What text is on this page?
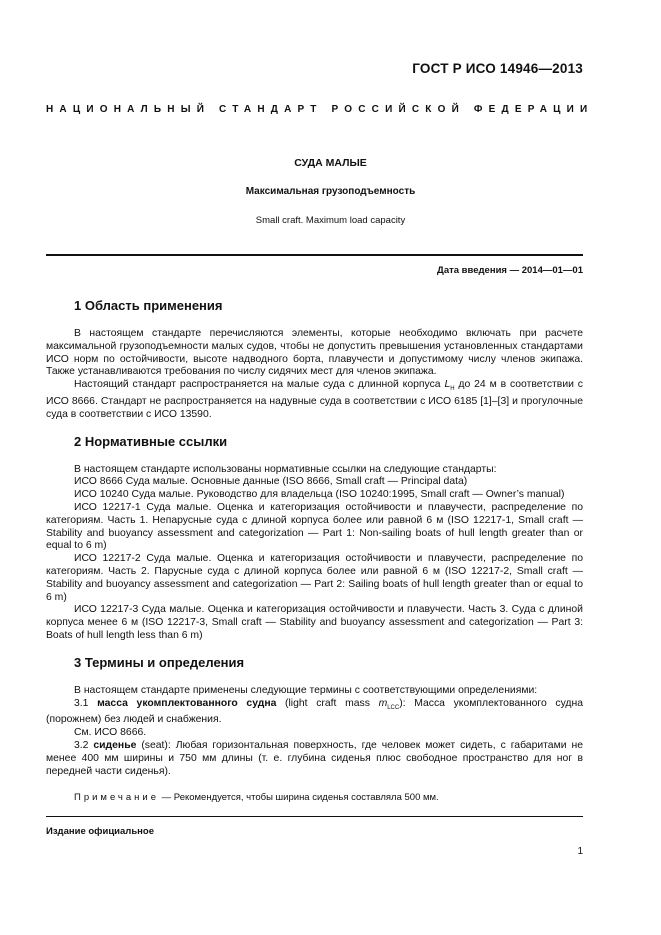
ГОСТ Р ИСО 14946—2013
НАЦИОНАЛЬНЫЙ СТАНДАРТ РОССИЙСКОЙ ФЕДЕРАЦИИ
СУДА МАЛЫЕ
Максимальная грузоподъемность
Small craft. Maximum load capacity
Дата введения — 2014—01—01
1 Область применения

В настоящем стандарте перечисляются элементы, которые необходимо включать при расчете максимальной грузоподъемности малых судов, чтобы не допустить превышения установленных стандартами ИСО норм по остойчивости, высоте надводного борта, плавучести и допустимому числу членов экипажа. Также устанавливаются требования по числу сидячих мест для членов экипажа.

Настоящий стандарт распространяется на малые суда с длинной корпуса $L_H$ до 24 м в соответствии с ИСО 8666. Стандарт не распространяется на надувные суда в соответствии с ИСО 6185 [1]–[3] и прогулочные суда в соответствии с ИСО 13590.

2 Нормативные ссылки

В настоящем стандарте использованы нормативные ссылки на следующие стандарты:

ИСО 8666 Суда малые. Основные данные (ISO 8666, Small craft — Principal data)

ИСО 10240 Суда малые. Руководство для владельца (ISO 10240:1995, Small craft — Owner’s manual)

ИСО 12217-1 Суда малые. Оценка и категоризация остойчивости и плавучести, распределение по категориям. Часть 1. Непарусные суда с длиной корпуса более или равной 6 м (ISO 12217-1, Small craft — Stability and buoyancy assessment and categorization — Part 1: Non-sailing boats of hull length greater than or equal to 6 m)

ИСО 12217-2 Суда малые. Оценка и категоризация остойчивости и плавучести, распределение по категориям. Часть 2. Парусные суда с длиной корпуса более или равной 6 м (ISO 12217-2, Small craft — Stability and buoyancy assessment and categorization — Part 2: Sailing boats of hull length greater than or equal to 6 m)

ИСО 12217-3 Суда малые. Оценка и категоризация остойчивости и плавучести. Часть 3. Суда с длиной корпуса менее 6 м (ISO 12217-3, Small craft — Stability and buoyancy assessment and categorization — Part 3: Boats of hull length less than 6 m)

3 Термины и определения

В настоящем стандарте применены следующие термины с соответствующими определениями:

3.1 масса укомплектованного судна (light craft mass $m_{LCC}$): Масса укомплектованного судна (порожнем) без людей и снабжения.

См. ИСО 8666.

3.2 сиденье (seat): Любая горизонтальная поверхность, где человек может сидеть, с габаритами не менее 400 мм ширины и 750 мм длины (т. е. глубина сиденья плюс свободное пространство для ног в передней части сиденья).

Примечание — Рекомендуется, чтобы ширина сиденья составляла 500 мм.

Издание официальное
1
